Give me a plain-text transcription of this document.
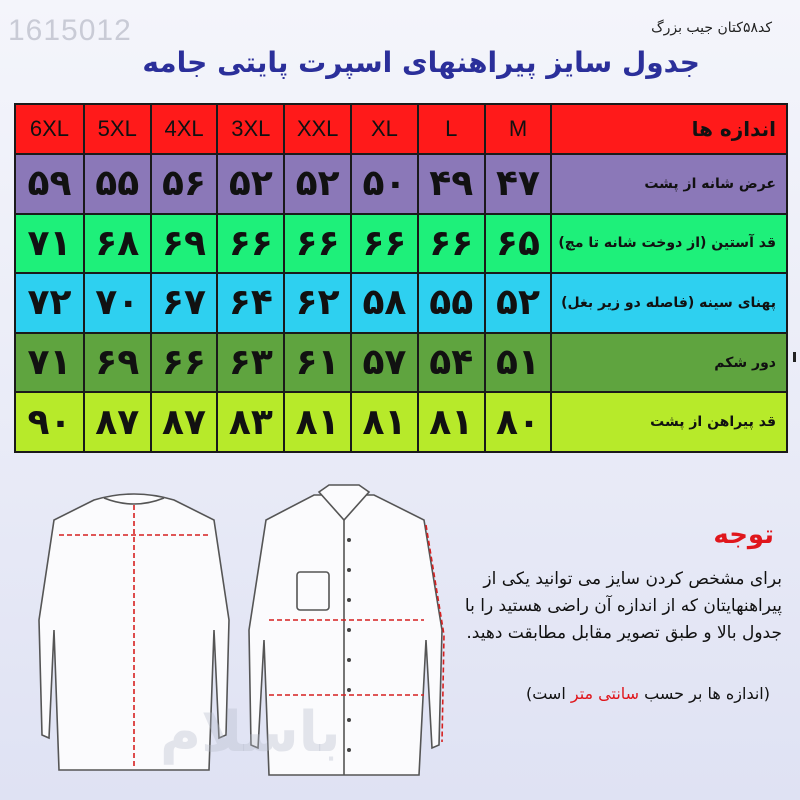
1615012	کد۵۸کتان جیب بزرگ
جدول سایز پیراهنهای اسپرت پایتی جامه
اندازه ها
M
L
XL
XXL
3XL
4XL
5XL
6XL
عرض شانه از پشت
۴۷
۴۹
۵۰
۵۲
۵۲
۵۶
۵۵
۵۹
قد آستین (از دوخت شانه تا مچ)
۶۵
۶۶
۶۶
۶۶
۶۶
۶۹
۶۸
۷۱
پهنای سینه (فاصله دو زیر بغل)
۵۲
۵۵
۵۸
۶۲
۶۴
۶۷
۷۰
۷۲
دور شکم
۵۱
۵۴
۵۷
۶۱
۶۳
۶۶
۶۹
۷۱
قد پیراهن از پشت
۸۰
۸۱
۸۱
۸۱
۸۳
۸۷
۸۷
۹۰
توجه
برای مشخص کردن سایز می توانید یکی از پیراهنهایتان که از اندازه آن راضی هستید را با جدول بالا و طبق تصویر مقابل مطابقت دهید.
(اندازه ها بر حسب سانتی متر است)
باسلام
